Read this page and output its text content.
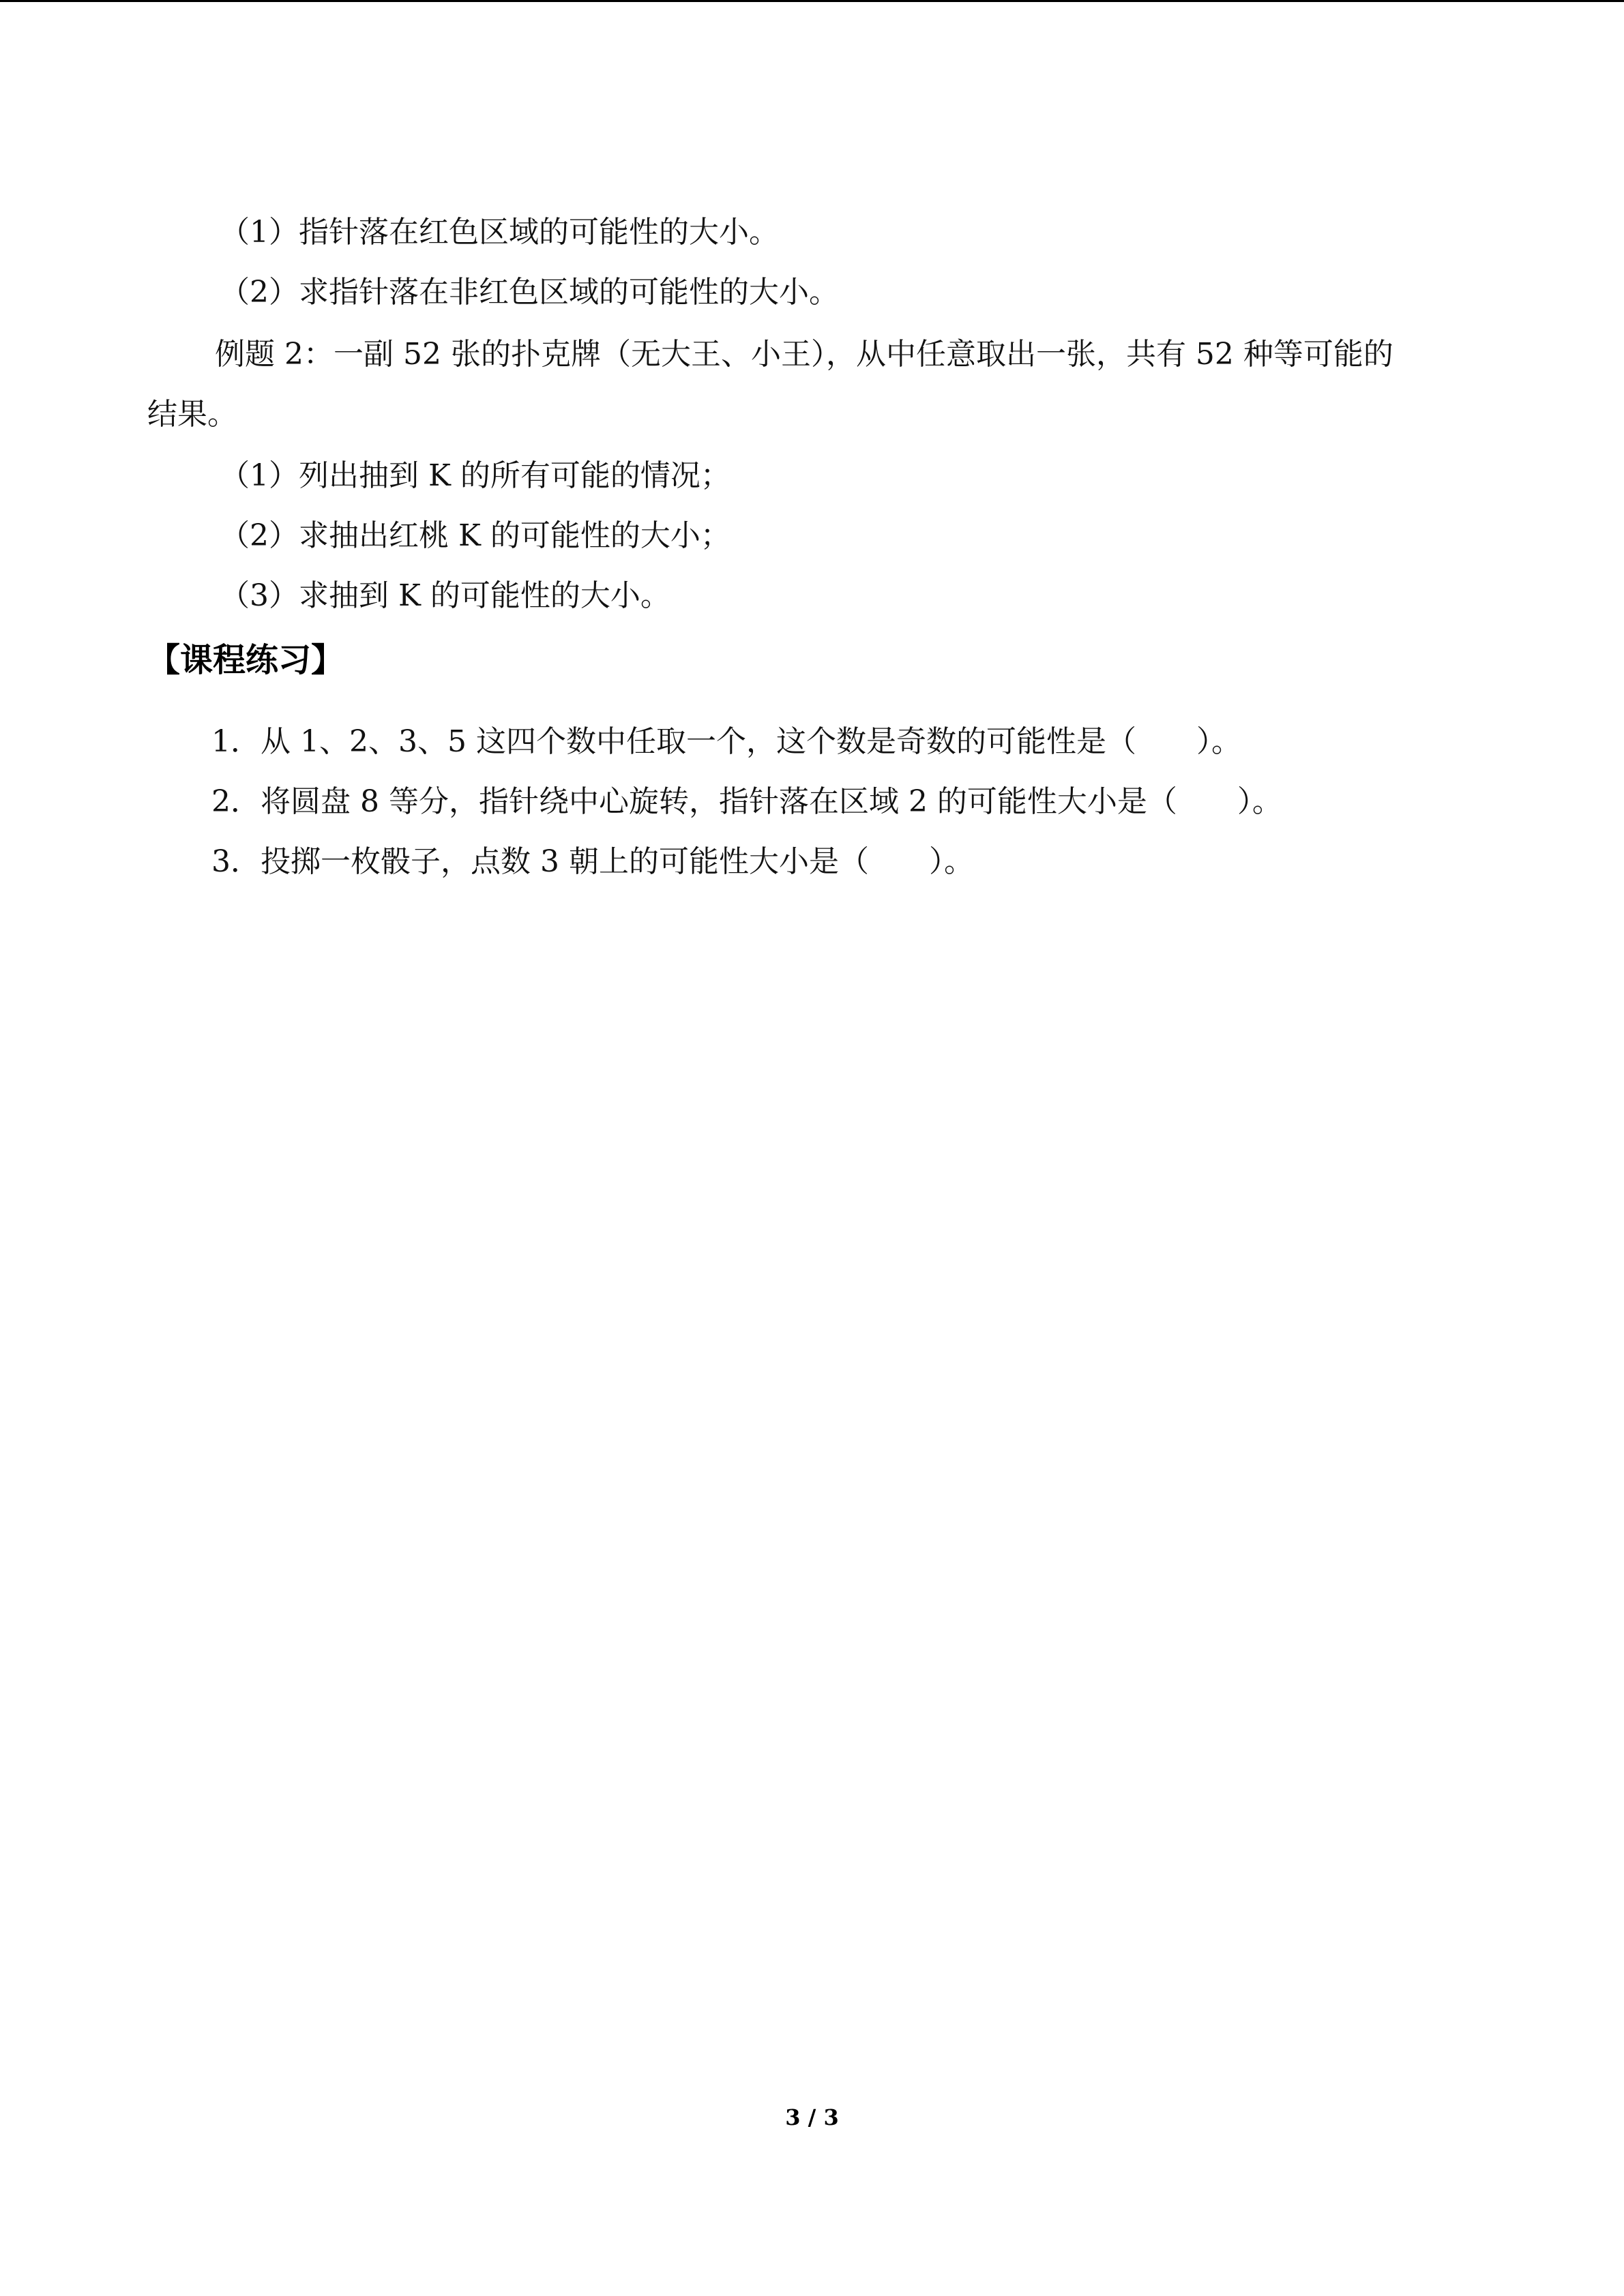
（1）指针落在红色区域的可能性的大小。
（2）求指针落在非红色区域的可能性的大小。
例题 2：一副 52 张的扑克牌（无大王、小王），从中任意取出一张，共有 52 种等可能的
结果。
（1）列出抽到 K 的所有可能的情况；
（2）求抽出红桃 K 的可能性的大小；
（3）求抽到 K 的可能性的大小。
【课程练习】
1．从 1、2、3、5 这四个数中任取一个，这个数是奇数的可能性是（　　）。
2．将圆盘 8 等分，指针绕中心旋转，指针落在区域 2 的可能性大小是（　　）。
3．投掷一枚骰子，点数 3 朝上的可能性大小是（　　）。
3 / 3
